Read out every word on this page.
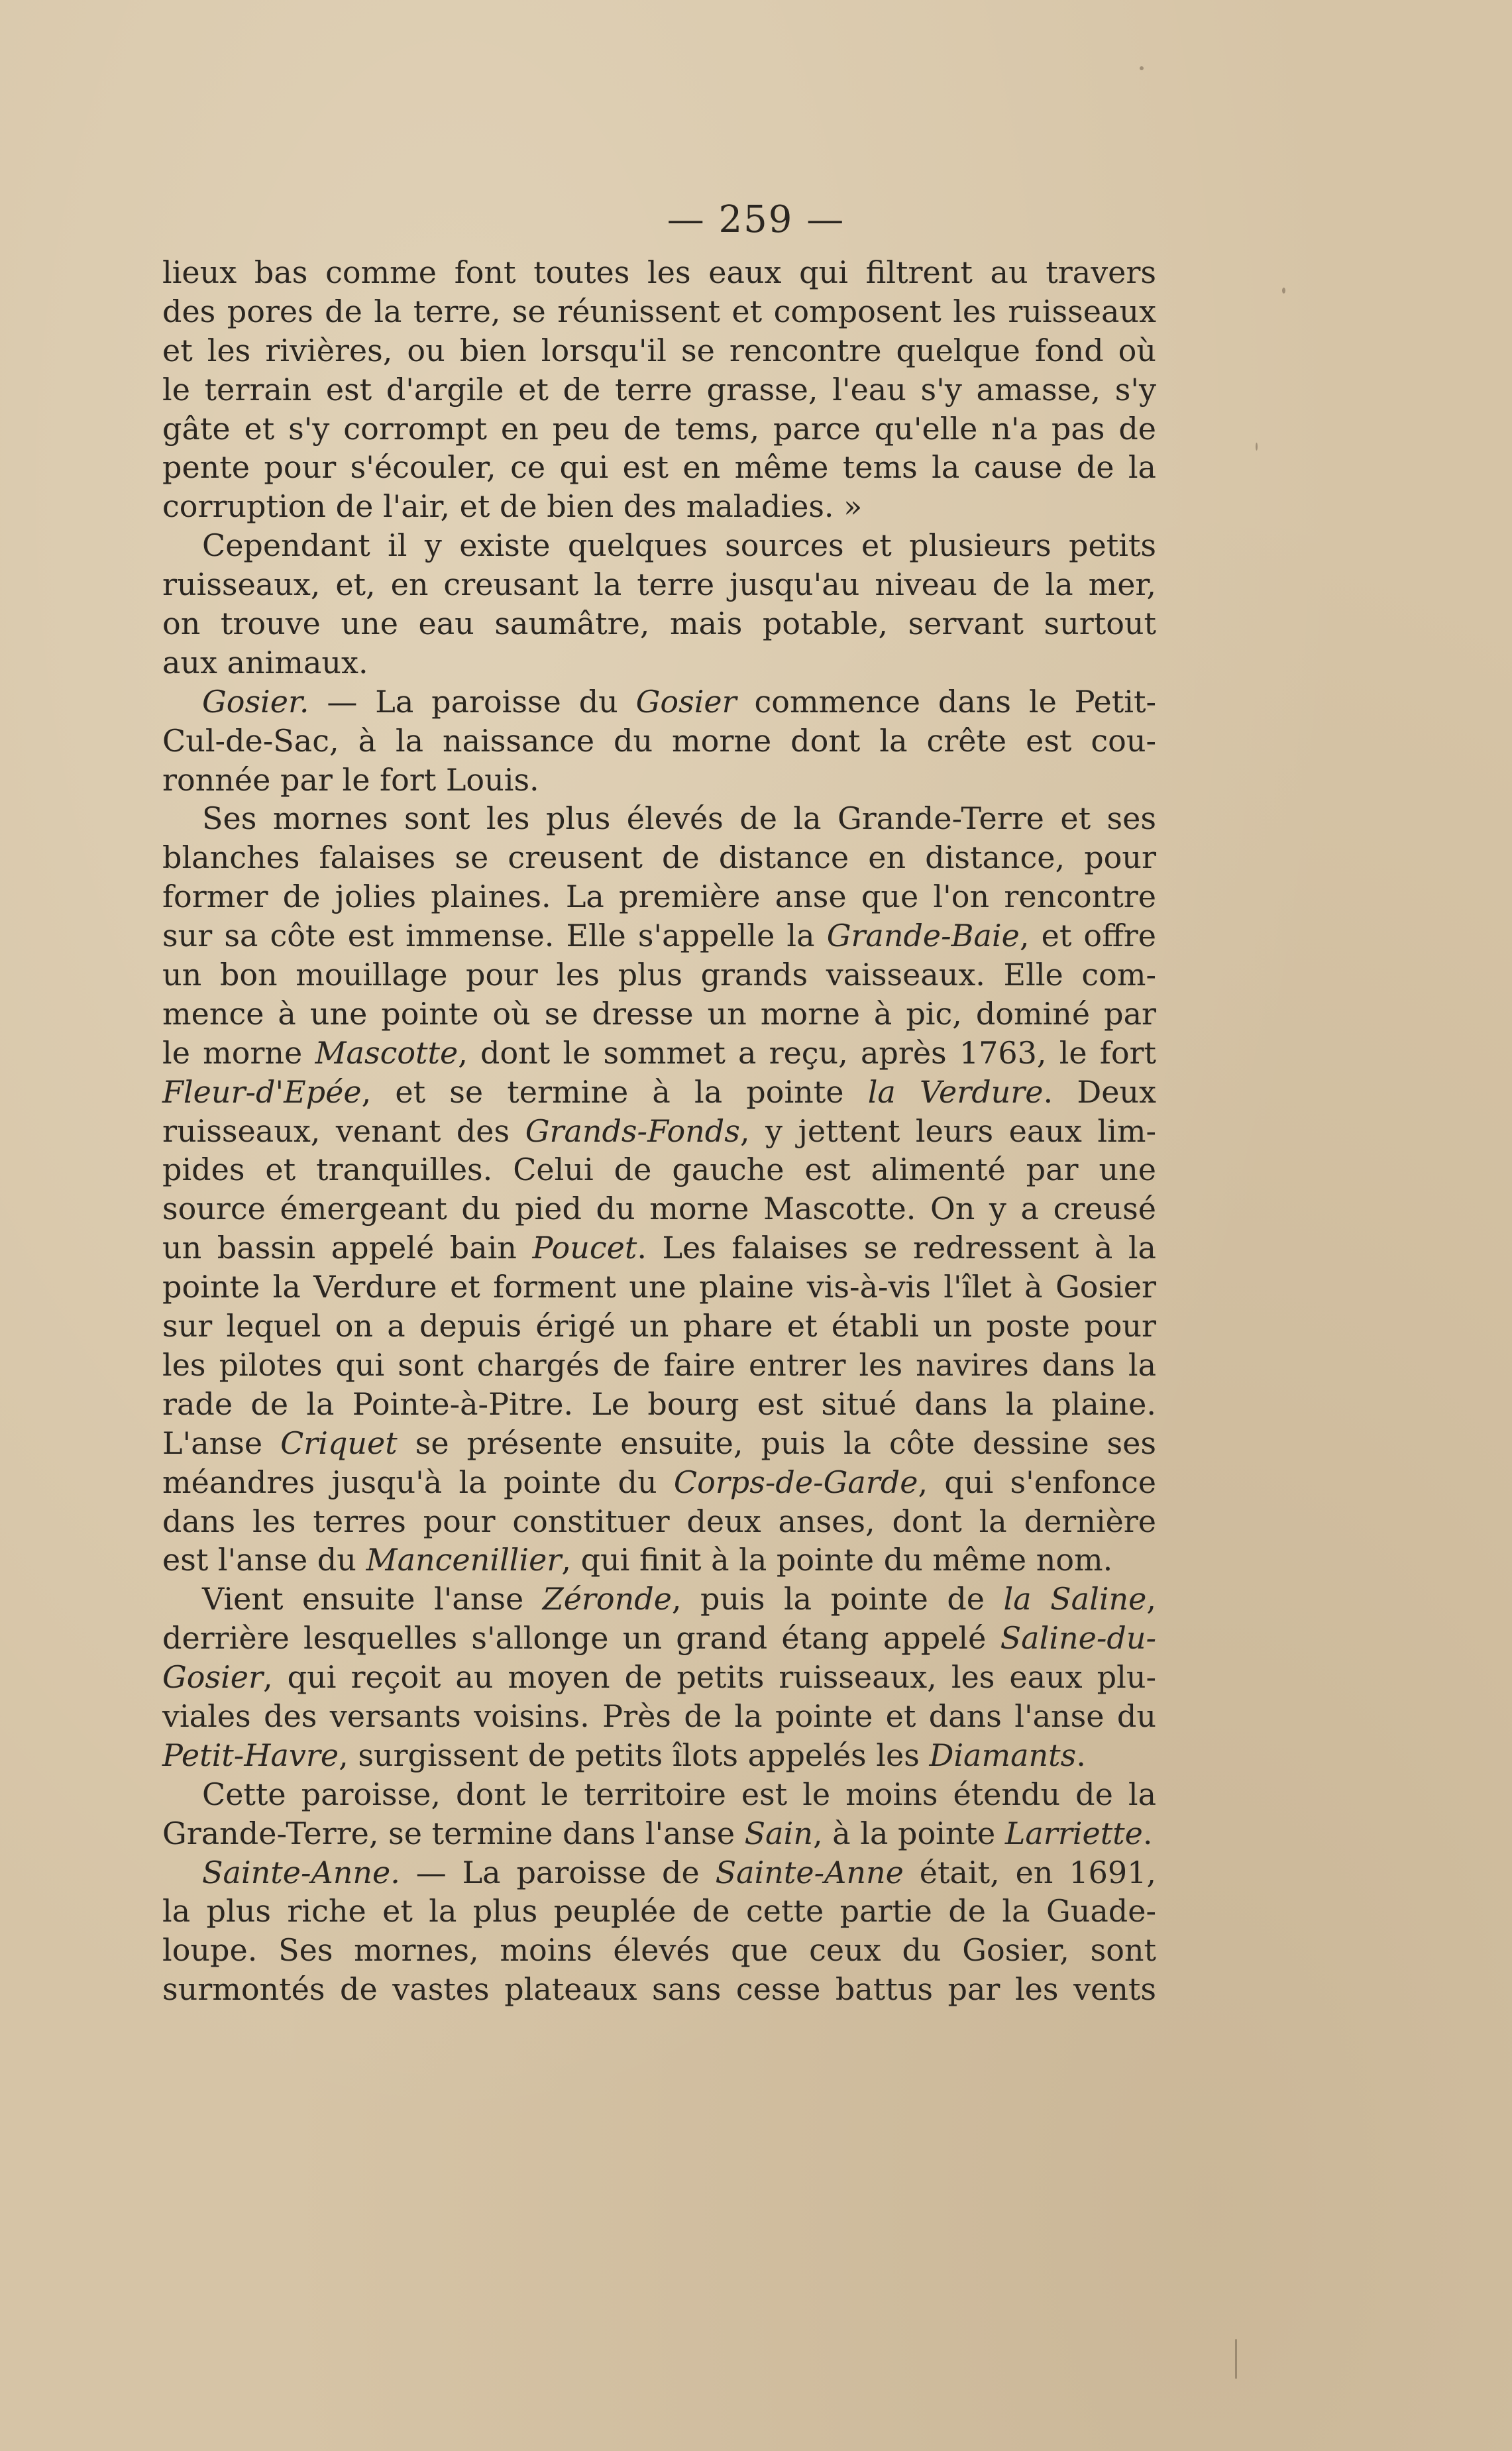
— 259 —
lieux bas comme font toutes les eaux qui filtrent au travers
des pores de la terre, se réunissent et composent les ruisseaux
et les rivières, ou bien lorsqu'il se rencontre quelque fond où
le terrain est d'argile et de terre grasse, l'eau s'y amasse, s'y
gâte et s'y corrompt en peu de tems, parce qu'elle n'a pas de
pente pour s'écouler, ce qui est en même tems la cause de la
corruption de l'air, et de bien des maladies. »
Cependant il y existe quelques sources et plusieurs petits
ruisseaux, et, en creusant la terre jusqu'au niveau de la mer,
on trouve une eau saumâtre, mais potable, servant surtout
aux animaux.
Gosier. — La paroisse du Gosier commence dans le Petit-
Cul-de-Sac, à la naissance du morne dont la crête est cou-
ronnée par le fort Louis.
Ses mornes sont les plus élevés de la Grande-Terre et ses
blanches falaises se creusent de distance en distance, pour
former de jolies plaines. La première anse que l'on rencontre
sur sa côte est immense. Elle s'appelle la Grande-Baie, et offre
un bon mouillage pour les plus grands vaisseaux. Elle com-
mence à une pointe où se dresse un morne à pic, dominé par
le morne Mascotte, dont le sommet a reçu, après 1763, le fort
Fleur-d'Epée, et se termine à la pointe la Verdure. Deux
ruisseaux, venant des Grands-Fonds, y jettent leurs eaux lim-
pides et tranquilles. Celui de gauche est alimenté par une
source émergeant du pied du morne Mascotte. On y a creusé
un bassin appelé bain Poucet. Les falaises se redressent à la
pointe la Verdure et forment une plaine vis-à-vis l'îlet à Gosier
sur lequel on a depuis érigé un phare et établi un poste pour
les pilotes qui sont chargés de faire entrer les navires dans la
rade de la Pointe-à-Pitre. Le bourg est situé dans la plaine.
L'anse Criquet se présente ensuite, puis la côte dessine ses
méandres jusqu'à la pointe du Corps-de-Garde, qui s'enfonce
dans les terres pour constituer deux anses, dont la dernière
est l'anse du Mancenillier, qui finit à la pointe du même nom.
Vient ensuite l'anse Zéronde, puis la pointe de la Saline,
derrière lesquelles s'allonge un grand étang appelé Saline-du-
Gosier, qui reçoit au moyen de petits ruisseaux, les eaux plu-
viales des versants voisins. Près de la pointe et dans l'anse du
Petit-Havre, surgissent de petits îlots appelés les Diamants.
Cette paroisse, dont le territoire est le moins étendu de la
Grande-Terre, se termine dans l'anse Sain, à la pointe Larriette.
Sainte-Anne. — La paroisse de Sainte-Anne était, en 1691,
la plus riche et la plus peuplée de cette partie de la Guade-
loupe. Ses mornes, moins élevés que ceux du Gosier, sont
surmontés de vastes plateaux sans cesse battus par les vents
